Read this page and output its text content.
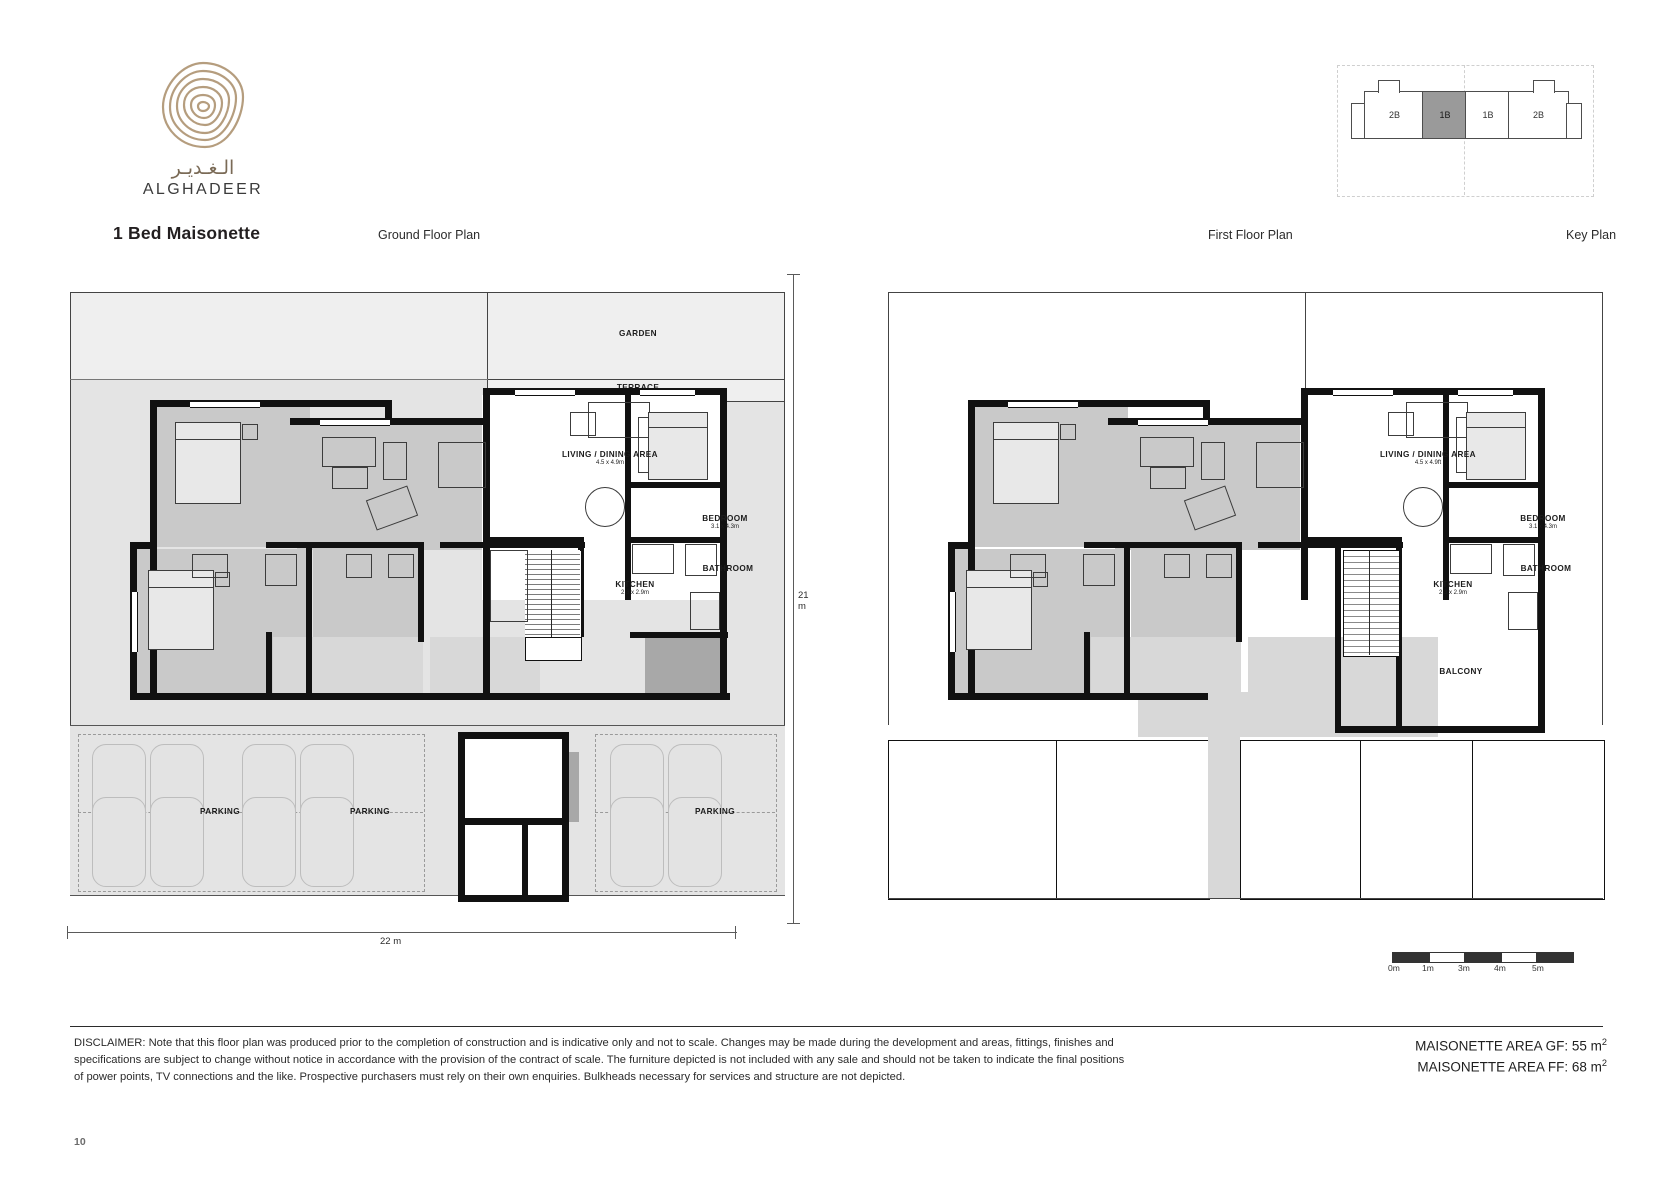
الـغـديـر
ALGHADEER
1 Bed Maisonette	Ground Floor Plan	First Floor Plan	Key Plan
2B	1B	1B	2B
GARDEN
LIVING / DINING AREA
4.5 x 4.9m
BEDROOM
3.1 x 4.3m
KITCHEN
2.3 x 2.9m
BATHROOM
PARKING	PARKING	PARKING
21 m
22 m
LIVING / DINING AREA
4.5 x 4.9ft
BEDROOM
3.1 x 4.3m
KITCHEN
2.3 x 2.9m
BATHROOM
BALCONY
0m	1m	3m	4m	5m
DISCLAIMER: Note that this floor plan was produced prior to the completion of construction and is indicative only and not to scale. Changes may be made during the development and areas, fittings, finishes and specifications are subject to change without notice in accordance with the provision of the contract of scale. The furniture depicted is not included with any sale and should not be taken to indicate the final positions of power points, TV connections and the like. Prospective purchasers must rely on their own enquiries. Bulkheads necessary for services and structure are not depicted.
MAISONETTE AREA GF: 55 $m^2$
MAISONETTE AREA FF: 68 $m^2$
10
